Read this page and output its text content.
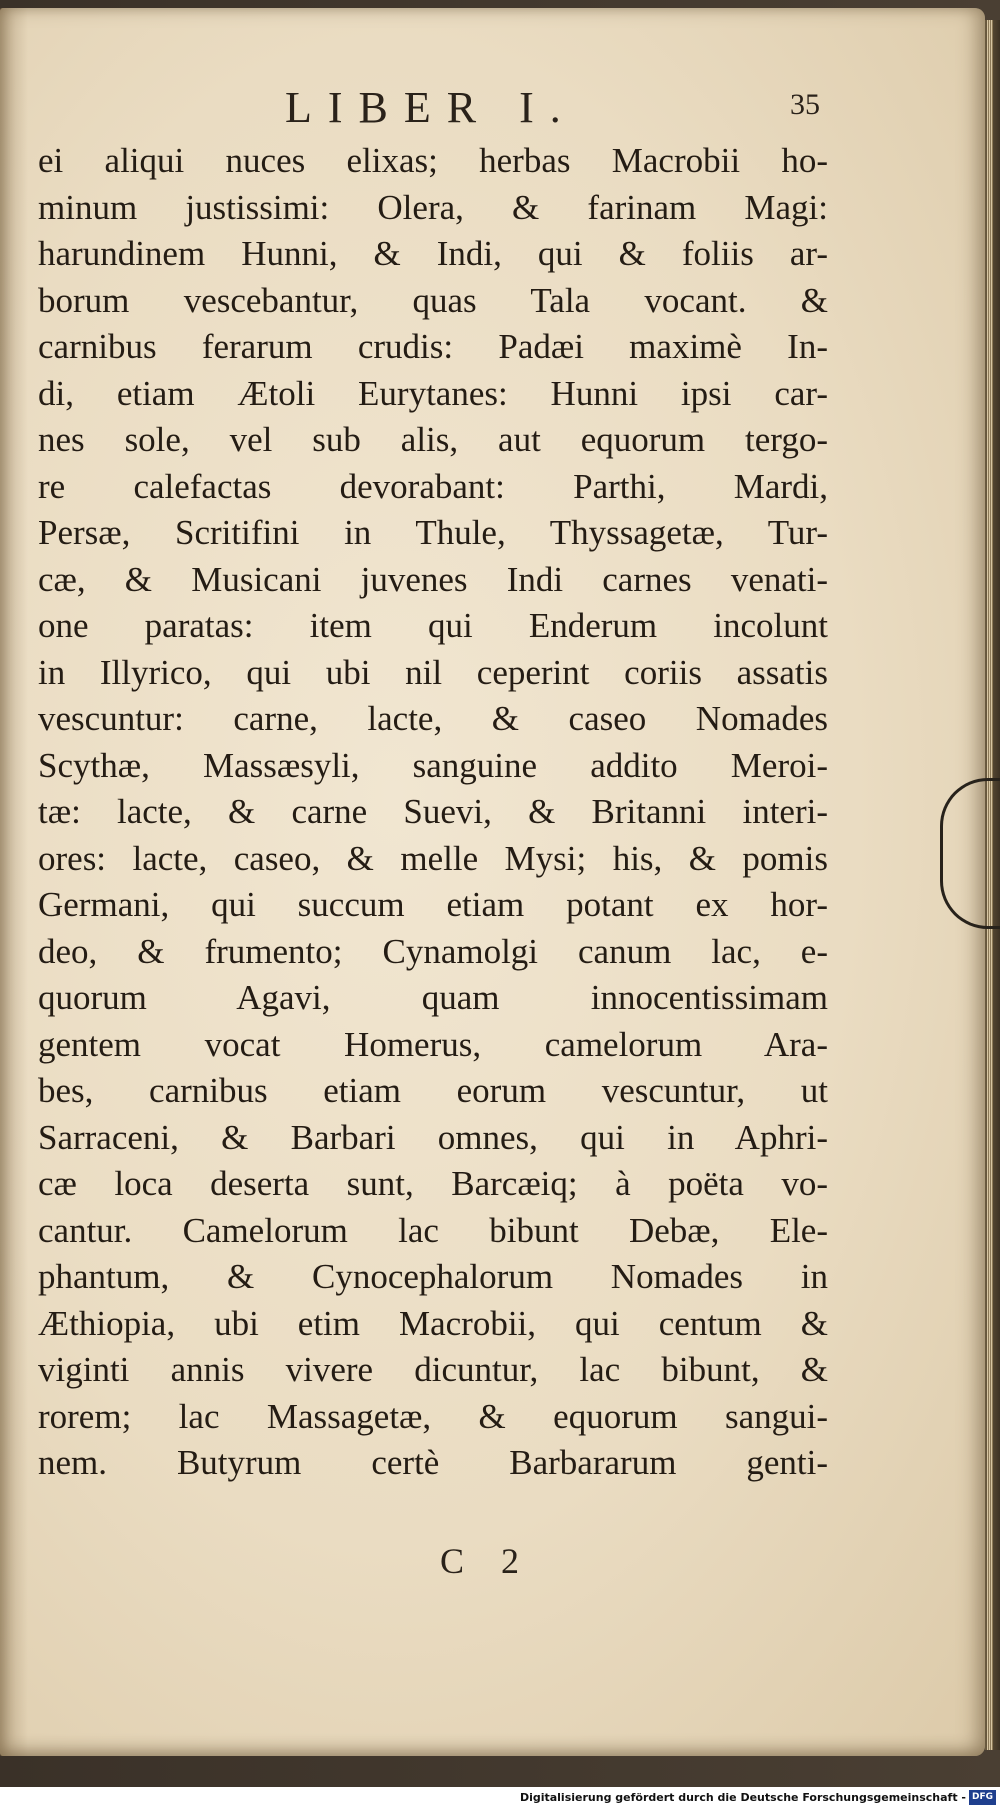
LIBER I.	35
ei aliqui nuces elixas; herbas Macrobii ho-
minum justissimi: Olera, & farinam Magi:
harundinem Hunni, & Indi, qui & foliis ar-
borum vescebantur, quas Tala vocant. &
carnibus ferarum crudis: Padæi maximè In-
di, etiam Ætoli Eurytanes: Hunni ipsi car-
nes sole, vel sub alis, aut equorum tergo-
re calefactas devorabant: Parthi, Mardi,
Persæ, Scritifini in Thule, Thyssagetæ, Tur-
cæ, & Musicani juvenes Indi carnes venati-
one paratas: item qui Enderum incolunt
in Illyrico, qui ubi nil ceperint coriis assatis
vescuntur: carne, lacte, & caseo Nomades
Scythæ, Massæsyli, sanguine addito Meroi-
tæ: lacte, & carne Suevi, & Britanni interi-
ores: lacte, caseo, & melle Mysi; his, & pomis
Germani, qui succum etiam potant ex hor-
deo, & frumento; Cynamolgi canum lac, e-
quorum Agavi, quam innocentissimam
gentem vocat Homerus, camelorum Ara-
bes, carnibus etiam eorum vescuntur, ut
Sarraceni, & Barbari omnes, qui in Aphri-
cæ loca deserta sunt, Barcæiq; à poëta vo-
cantur. Camelorum lac bibunt Debæ, Ele-
phantum, & Cynocephalorum Nomades in
Æthiopia, ubi etim Macrobii, qui centum &
viginti annis vivere dicuntur, lac bibunt, &
rorem; lac Massagetæ, & equorum sangui-
nem. Butyrum certè Barbararum genti-
C 2
Digitalisierung gefördert durch die Deutsche Forschungsgemeinschaft - DFG
